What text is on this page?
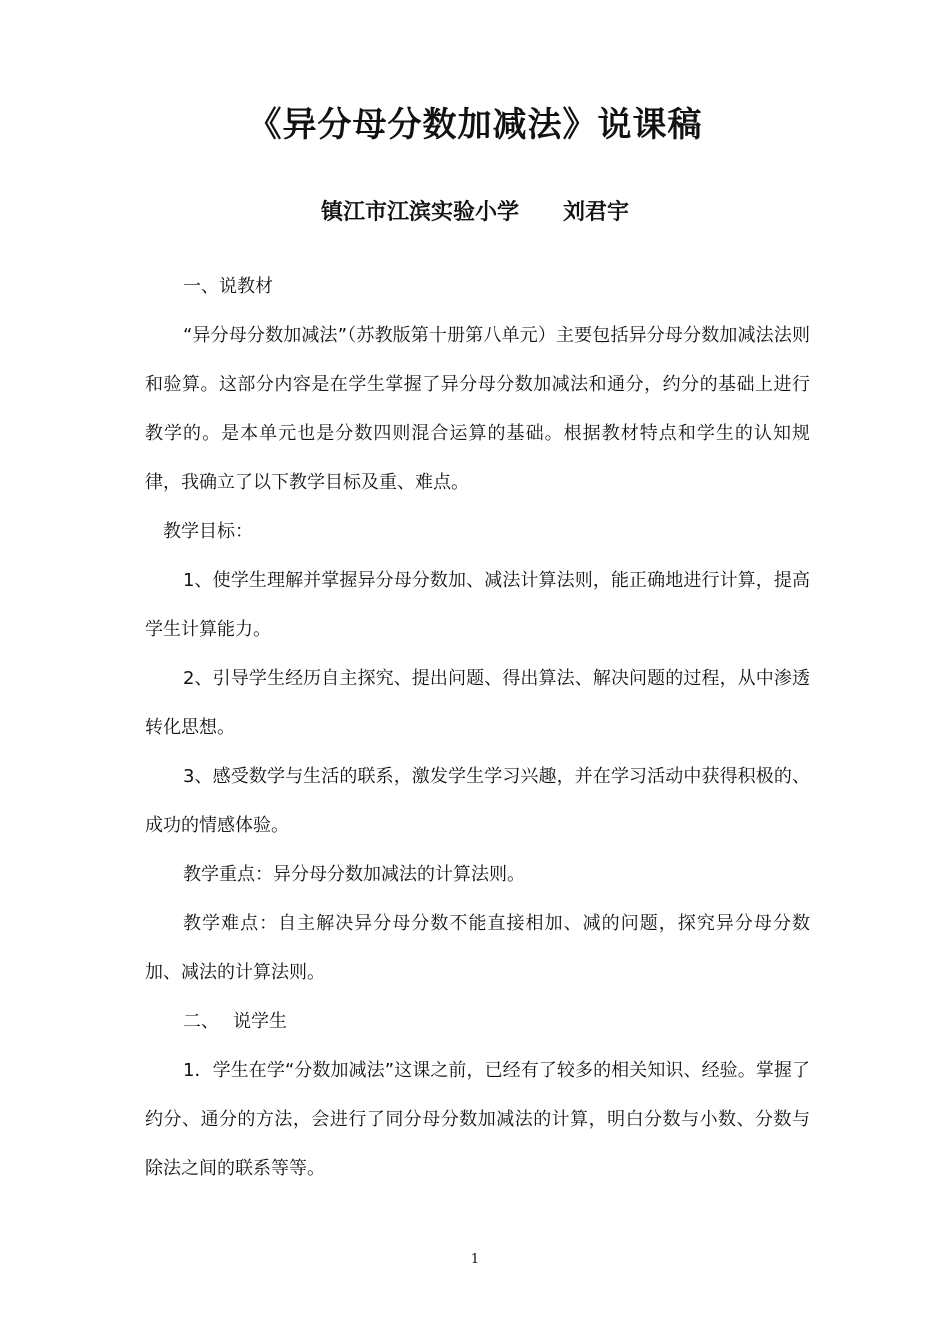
《异分母分数加减法》说课稿
镇江市江滨实验小学 刘君宇

一、说教材

“异分母分数加减法”（苏教版第十册第八单元）主要包括异分母分数加减法法则和验算。这部分内容是在学生掌握了异分母分数加减法和通分，约分的基础上进行教学的。是本单元也是分数四则混合运算的基础。根据教材特点和学生的认知规律，我确立了以下教学目标及重、难点。

教学目标：

1、使学生理解并掌握异分母分数加、减法计算法则，能正确地进行计算，提高学生计算能力。

2、引导学生经历自主探究、提出问题、得出算法、解决问题的过程，从中渗透转化思想。

3、感受数学与生活的联系，激发学生学习兴趣，并在学习活动中获得积极的、成功的情感体验。

教学重点：异分母分数加减法的计算法则。

教学难点：自主解决异分母分数不能直接相加、减的问题，探究异分母分数加、减法的计算法则。

二、 说学生

1．学生在学“分数加减法”这课之前，已经有了较多的相关知识、经验。掌握了约分、通分的方法，会进行了同分母分数加减法的计算，明白分数与小数、分数与除法之间的联系等等。

1
